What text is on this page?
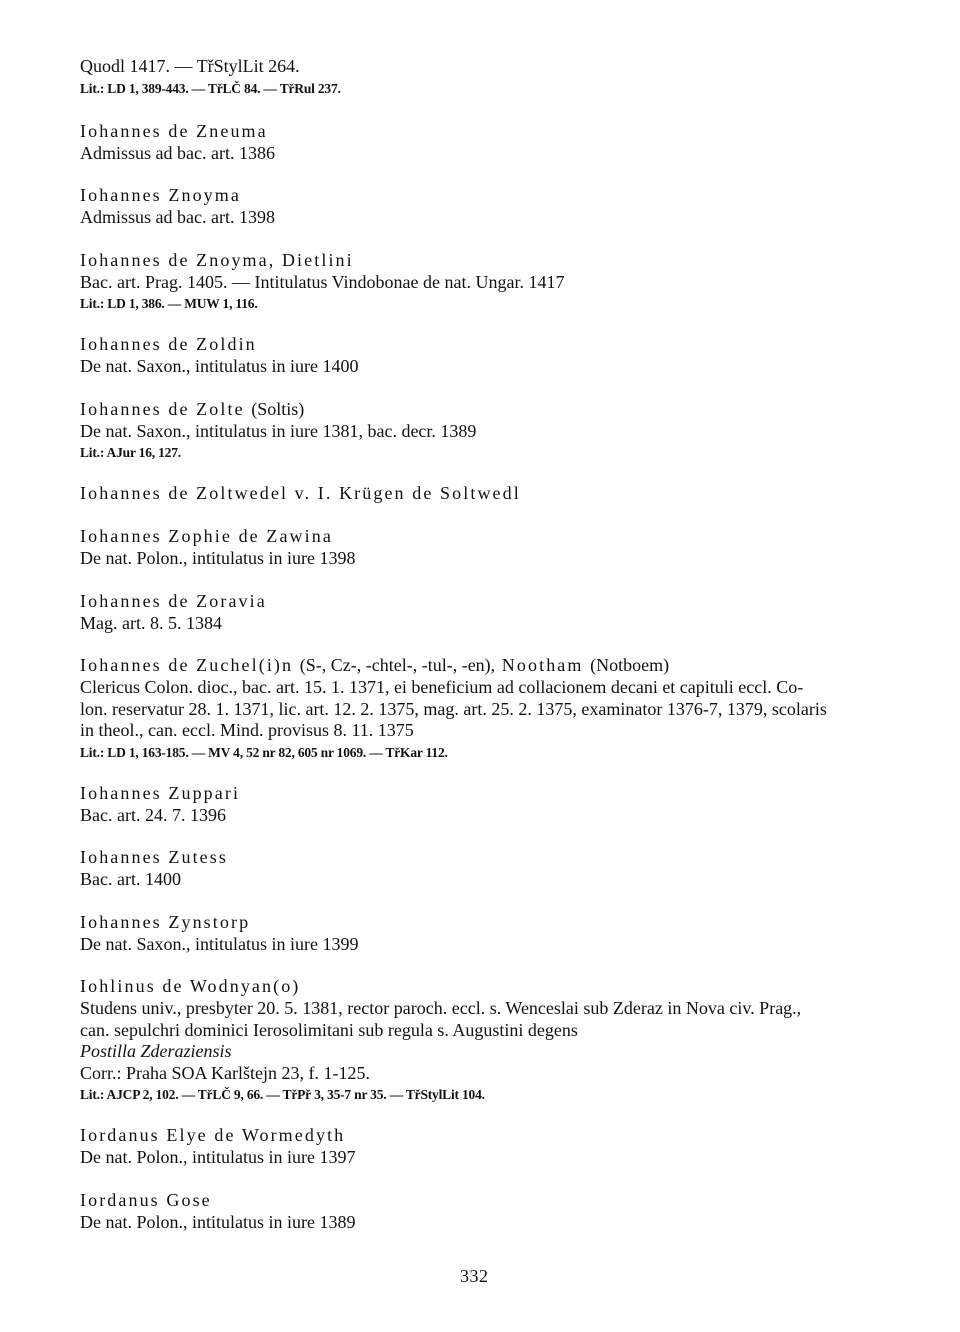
Quodl 1417. — TřStylLit 264.
Lit.: LD 1, 389-443. — TřLČ 84. — TřRul 237.
Iohannes de Zneuma
Admissus ad bac. art. 1386
Iohannes Znoyma
Admissus ad bac. art. 1398
Iohannes de Znoyma, Dietlini
Bac. art. Prag. 1405. — Intitulatus Vindobonae de nat. Ungar. 1417
Lit.: LD 1, 386. — MUW 1, 116.
Iohannes de Zoldin
De nat. Saxon., intitulatus in iure 1400
Iohannes de Zolte (Soltis)
De nat. Saxon., intitulatus in iure 1381, bac. decr. 1389
Lit.: AJur 16, 127.
Iohannes de Zoltwedel v. I. Krügen de Soltwedl
Iohannes Zophie de Zawina
De nat. Polon., intitulatus in iure 1398
Iohannes de Zoravia
Mag. art. 8. 5. 1384
Iohannes de Zuchel(i)n (S-, Cz-, -chtel-, -tul-, -en), Nootham (Notboem)
Clericus Colon. dioc., bac. art. 15. 1. 1371, ei beneficium ad collacionem decani et capituli eccl. Co-
lon. reservatur 28. 1. 1371, lic. art. 12. 2. 1375, mag. art. 25. 2. 1375, examinator 1376-7, 1379, scolaris
in theol., can. eccl. Mind. provisus 8. 11. 1375
Lit.: LD 1, 163-185. — MV 4, 52 nr 82, 605 nr 1069. — TřKar 112.
Iohannes Zuppari
Bac. art. 24. 7. 1396
Iohannes Zutess
Bac. art. 1400
Iohannes Zynstorp
De nat. Saxon., intitulatus in iure 1399
Iohlinus de Wodnyan(o)
Studens univ., presbyter 20. 5. 1381, rector paroch. eccl. s. Wenceslai sub Zderaz in Nova civ. Prag.,
can. sepulchri dominici Ierosolimitani sub regula s. Augustini degens
Postilla Zderaziensis
Corr.: Praha SOA Karlštejn 23, f. 1-125.
Lit.: AJCP 2, 102. — TřLČ 9, 66. — TřPř 3, 35-7 nr 35. — TřStylLit 104.
Iordanus Elye de Wormedyth
De nat. Polon., intitulatus in iure 1397
Iordanus Gose
De nat. Polon., intitulatus in iure 1389
332
